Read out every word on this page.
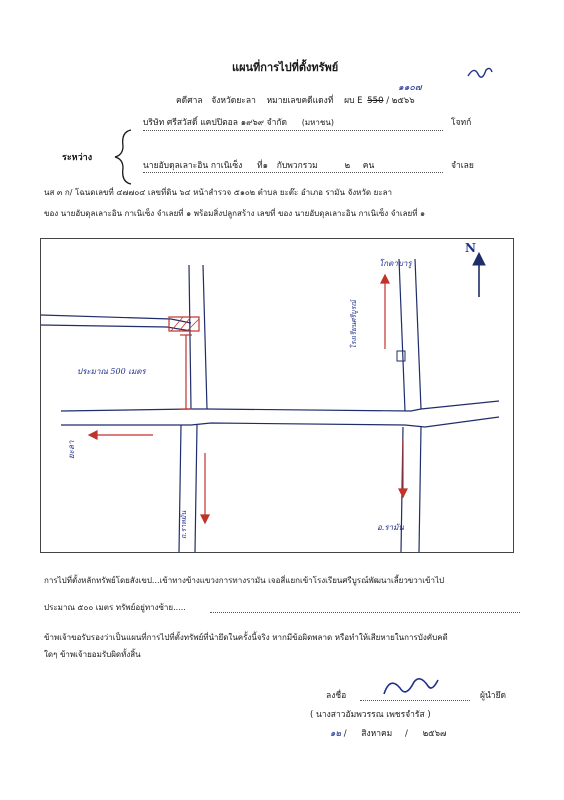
แผนที่การไปที่ตั้งทรัพย์
คดีศาล จังหวัดยะลา หมายเลขคดีแดงที่ ผบ E 550 / ๒๕๖๖
๑๑๐๗
บริษัท ศรีสวัสดิ์ แคปปิตอล ๑๙๖๙ จำกัด (มหาชน)	โจทก์
ระหว่าง
นายอับดุลเลาะอิน กาเนิเซ็ง ที่๑ กับพวกรวม	๒ คน	จำเลย
นส ๓ ก/ โฉนดเลขที่ ๔๗๗๐๔ เลขที่ดิน ๖๔ หน้าสำรวจ ๕๑๐๒ ตำบล ยะต๊ะ อำเภอ รามัน จังหวัด ยะลา
ของ นายอับดุลเลาะอิน กาเนิเซ็ง จำเลยที่ ๑ พร้อมสิ่งปลูกสร้าง เลขที่ ของ นายอับดุลเลาะอิน กาเนิเซ็ง จำเลยที่ ๑
N
โกตาบารู
โรงเรียนศรีบูรณ์
ประมาณ 500 เมตร
ยะลา
ถ.ราหมัน	อ.รามัน
การไปที่ตั้งหลักทรัพย์โดยสังเขป...เข้าทางข้างแขวงการทางรามัน เจอสี่แยกเข้าโรงเรียนศรีบูรณ์พัฒนาเลี้ยวขวาเข้าไป
ประมาณ ๕๐๐ เมตร ทรัพย์อยู่ทางซ้าย.....
ข้าพเจ้าขอรับรองว่าเป็นแผนที่การไปที่ตั้งทรัพย์ที่นำยึดในครั้งนี้จริง หากมีข้อผิดพลาด หรือทำให้เสียหายในการบังคับคดี
ใดๆ ข้าพเจ้ายอมรับผิดทั้งสิ้น
ลงชื่อ	ผู้นำยึด
( นางสาวอัมพวรรณ เพชรจำรัส )
๑๒ / สิงหาคม / ๒๕๖๗
